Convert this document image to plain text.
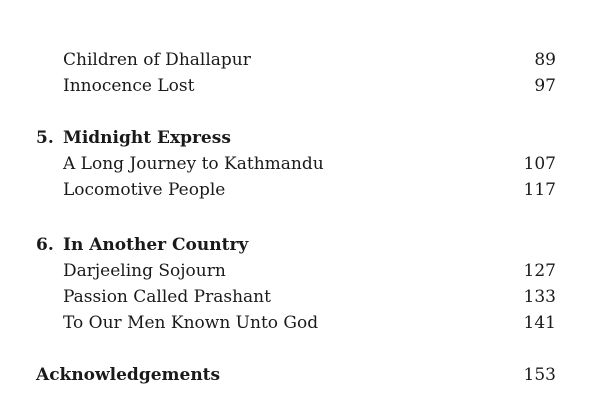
Children of Dhallapur	89
Innocence Lost	97
5. Midnight Express
A Long Journey to Kathmandu	107
Locomotive People	117
6. In Another Country
Darjeeling Sojourn	127
Passion Called Prashant	133
To Our Men Known Unto God	141
Acknowledgements	153
